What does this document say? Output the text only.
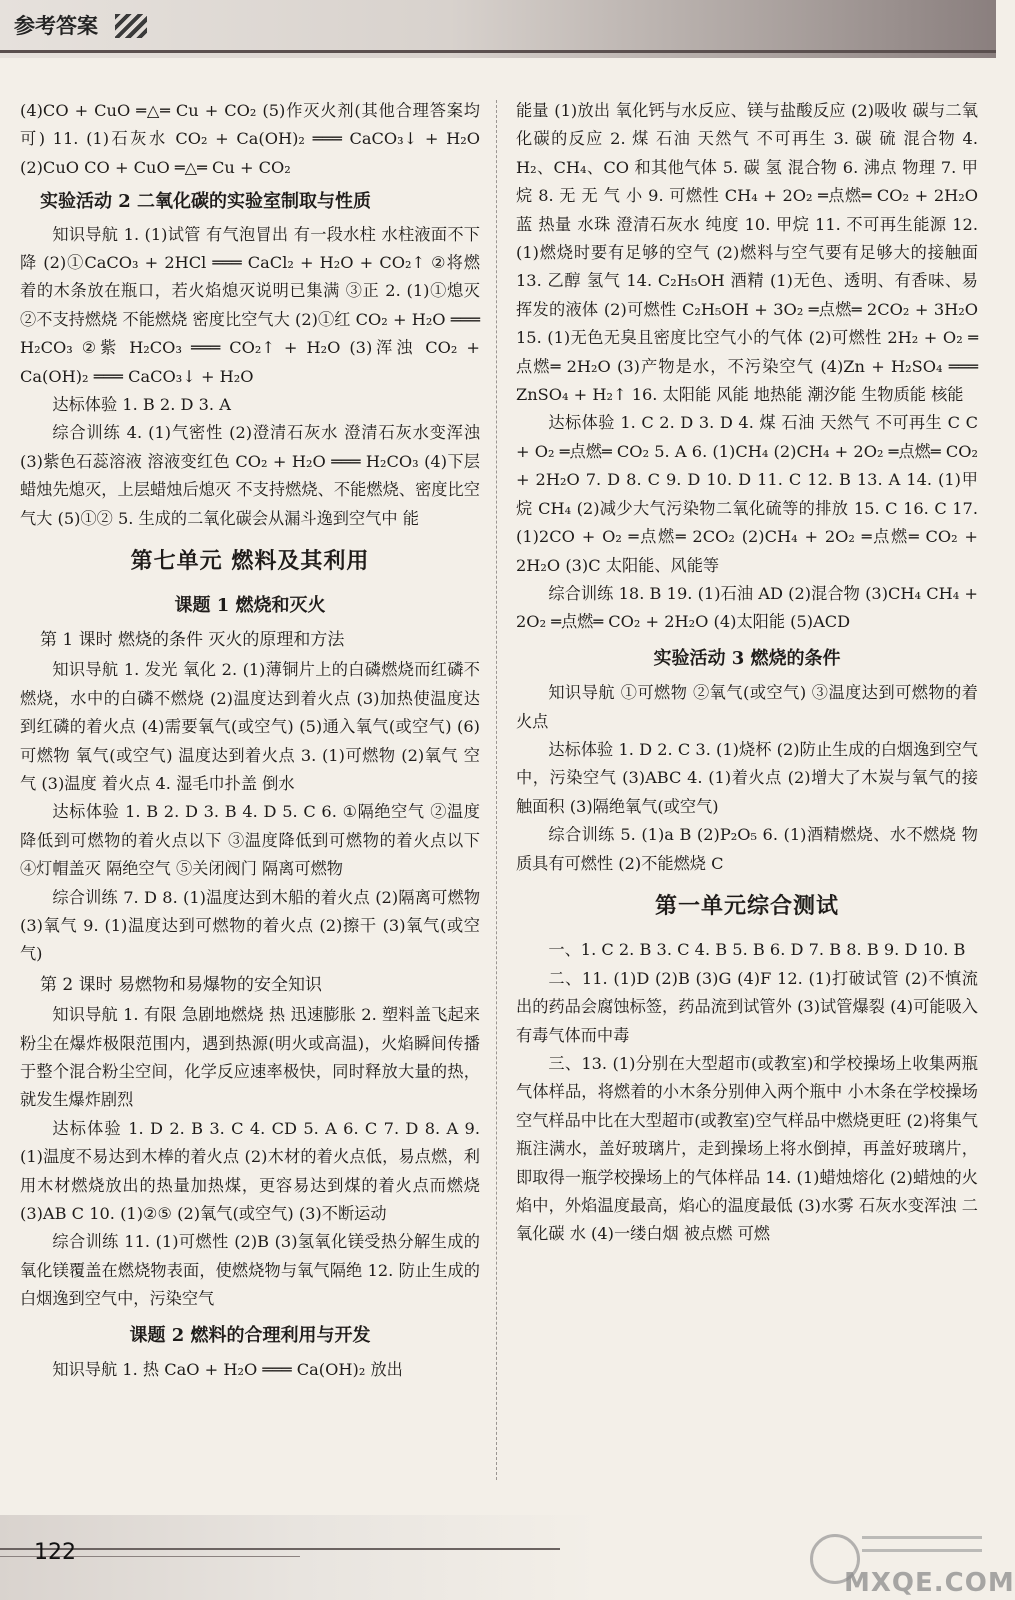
参考答案
(4)CO + CuO ═△═ Cu + CO₂ (5)作灭火剂(其他合理答案均可) 11. (1)石灰水 CO₂ + Ca(OH)₂ ═══ CaCO₃↓ + H₂O (2)CuO CO + CuO ═△═ Cu + CO₂
实验活动 2 二氧化碳的实验室制取与性质
知识导航 1. (1)试管 有气泡冒出 有一段水柱 水柱液面不下降 (2)①CaCO₃ + 2HCl ═══ CaCl₂ + H₂O + CO₂↑ ②将燃着的木条放在瓶口，若火焰熄灭说明已集满 ③正 2. (1)①熄灭 ②不支持燃烧 不能燃烧 密度比空气大 (2)①红 CO₂ + H₂O ═══ H₂CO₃ ②紫 H₂CO₃ ═══ CO₂↑ + H₂O (3)浑浊 CO₂ + Ca(OH)₂ ═══ CaCO₃↓ + H₂O
达标体验 1. B 2. D 3. A
综合训练 4. (1)气密性 (2)澄清石灰水 澄清石灰水变浑浊 (3)紫色石蕊溶液 溶液变红色 CO₂ + H₂O ═══ H₂CO₃ (4)下层蜡烛先熄灭，上层蜡烛后熄灭 不支持燃烧、不能燃烧、密度比空气大 (5)①② 5. 生成的二氧化碳会从漏斗逸到空气中 能
第七单元 燃料及其利用
课题 1 燃烧和灭火
第 1 课时 燃烧的条件 灭火的原理和方法
知识导航 1. 发光 氧化 2. (1)薄铜片上的白磷燃烧而红磷不燃烧，水中的白磷不燃烧 (2)温度达到着火点 (3)加热使温度达到红磷的着火点 (4)需要氧气(或空气) (5)通入氧气(或空气) (6)可燃物 氧气(或空气) 温度达到着火点 3. (1)可燃物 (2)氧气 空气 (3)温度 着火点 4. 湿毛巾扑盖 倒水
达标体验 1. B 2. D 3. B 4. D 5. C 6. ①隔绝空气 ②温度降低到可燃物的着火点以下 ③温度降低到可燃物的着火点以下 ④灯帽盖灭 隔绝空气 ⑤关闭阀门 隔离可燃物
综合训练 7. D 8. (1)温度达到木船的着火点 (2)隔离可燃物 (3)氧气 9. (1)温度达到可燃物的着火点 (2)擦干 (3)氧气(或空气)
第 2 课时 易燃物和易爆物的安全知识
知识导航 1. 有限 急剧地燃烧 热 迅速膨胀 2. 塑料盖飞起来 粉尘在爆炸极限范围内，遇到热源(明火或高温)，火焰瞬间传播于整个混合粉尘空间，化学反应速率极快，同时释放大量的热，就发生爆炸剧烈
达标体验 1. D 2. B 3. C 4. CD 5. A 6. C 7. D 8. A 9. (1)温度不易达到木棒的着火点 (2)木材的着火点低，易点燃，利用木材燃烧放出的热量加热煤，更容易达到煤的着火点而燃烧 (3)AB C 10. (1)②⑤ (2)氧气(或空气) (3)不断运动
综合训练 11. (1)可燃性 (2)B (3)氢氧化镁受热分解生成的氧化镁覆盖在燃烧物表面，使燃烧物与氧气隔绝 12. 防止生成的白烟逸到空气中，污染空气
课题 2 燃料的合理利用与开发
知识导航 1. 热 CaO + H₂O ═══ Ca(OH)₂ 放出
能量 (1)放出 氧化钙与水反应、镁与盐酸反应 (2)吸收 碳与二氧化碳的反应 2. 煤 石油 天然气 不可再生 3. 碳 硫 混合物 4. H₂、CH₄、CO 和其他气体 5. 碳 氢 混合物 6. 沸点 物理 7. 甲烷 8. 无 无 气 小 9. 可燃性 CH₄ + 2O₂ ═点燃═ CO₂ + 2H₂O 蓝 热量 水珠 澄清石灰水 纯度 10. 甲烷 11. 不可再生能源 12. (1)燃烧时要有足够的空气 (2)燃料与空气要有足够大的接触面 13. 乙醇 氢气 14. C₂H₅OH 酒精 (1)无色、透明、有香味、易挥发的液体 (2)可燃性 C₂H₅OH + 3O₂ ═点燃═ 2CO₂ + 3H₂O 15. (1)无色无臭且密度比空气小的气体 (2)可燃性 2H₂ + O₂ ═点燃═ 2H₂O (3)产物是水，不污染空气 (4)Zn + H₂SO₄ ═══ ZnSO₄ + H₂↑ 16. 太阳能 风能 地热能 潮汐能 生物质能 核能
达标体验 1. C 2. D 3. D 4. 煤 石油 天然气 不可再生 C C + O₂ ═点燃═ CO₂ 5. A 6. (1)CH₄ (2)CH₄ + 2O₂ ═点燃═ CO₂ + 2H₂O 7. D 8. C 9. D 10. D 11. C 12. B 13. A 14. (1)甲烷 CH₄ (2)减少大气污染物二氧化硫等的排放 15. C 16. C 17. (1)2CO + O₂ ═点燃═ 2CO₂ (2)CH₄ + 2O₂ ═点燃═ CO₂ + 2H₂O (3)C 太阳能、风能等
综合训练 18. B 19. (1)石油 AD (2)混合物 (3)CH₄ CH₄ + 2O₂ ═点燃═ CO₂ + 2H₂O (4)太阳能 (5)ACD
实验活动 3 燃烧的条件
知识导航 ①可燃物 ②氧气(或空气) ③温度达到可燃物的着火点
达标体验 1. D 2. C 3. (1)烧杯 (2)防止生成的白烟逸到空气中，污染空气 (3)ABC 4. (1)着火点 (2)增大了木炭与氧气的接触面积 (3)隔绝氧气(或空气)
综合训练 5. (1)a B (2)P₂O₅ 6. (1)酒精燃烧、水不燃烧 物质具有可燃性 (2)不能燃烧 C
第一单元综合测试
一、1. C 2. B 3. C 4. B 5. B 6. D 7. B 8. B 9. D 10. B
二、11. (1)D (2)B (3)G (4)F 12. (1)打破试管 (2)不慎流出的药品会腐蚀标签，药品流到试管外 (3)试管爆裂 (4)可能吸入有毒气体而中毒
三、13. (1)分别在大型超市(或教室)和学校操场上收集两瓶气体样品，将燃着的小木条分别伸入两个瓶中 小木条在学校操场空气样品中比在大型超市(或教室)空气样品中燃烧更旺 (2)将集气瓶注满水，盖好玻璃片，走到操场上将水倒掉，再盖好玻璃片，即取得一瓶学校操场上的气体样品 14. (1)蜡烛熔化 (2)蜡烛的火焰中，外焰温度最高，焰心的温度最低 (3)水雾 石灰水变浑浊 二氧化碳 水 (4)一缕白烟 被点燃 可燃
122
MXQE.COM
